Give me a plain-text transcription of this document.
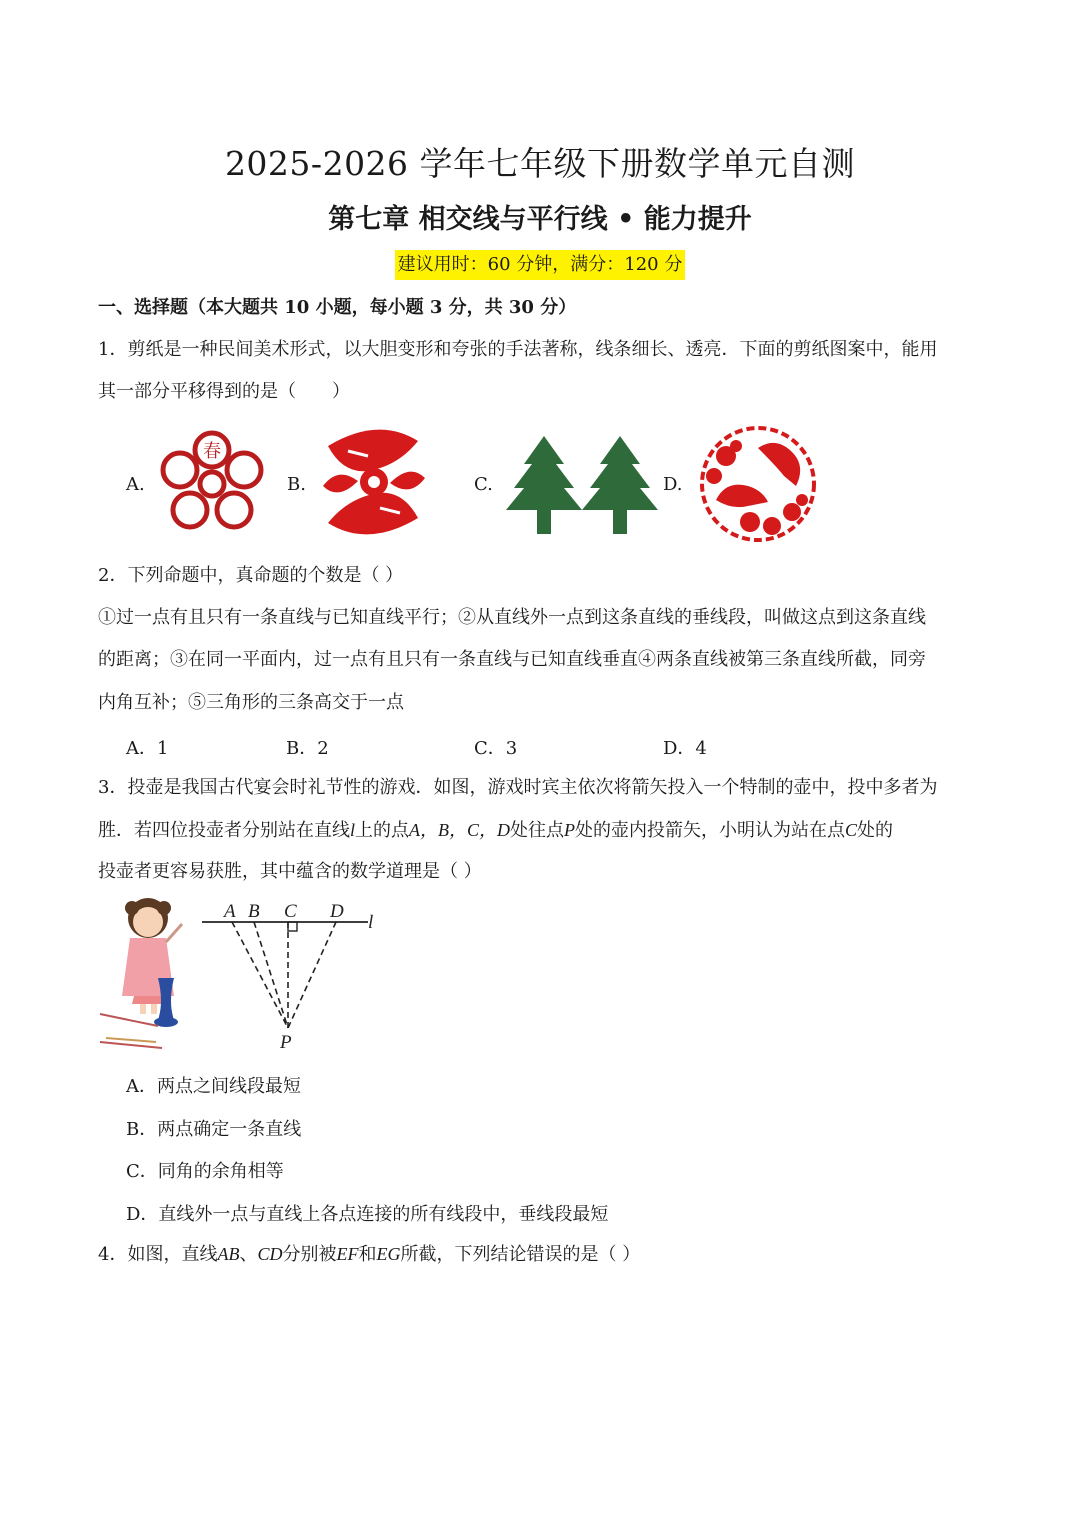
2025-2026 学年七年级下册数学单元自测
第七章 相交线与平行线 • 能力提升
建议用时：60 分钟，满分：120 分
一、选择题（本大题共 10 小题，每小题 3 分，共 30 分）
1．剪纸是一种民间美术形式，以大胆变形和夸张的手法著称，线条细长、透亮．下面的剪纸图案中，能用
其一部分平移得到的是（　　）
A.
春
B.	C.	D.
2．下列命题中，真命题的个数是（ ）
①过一点有且只有一条直线与已知直线平行；②从直线外一点到这条直线的垂线段，叫做这点到这条直线
的距离；③在同一平面内，过一点有且只有一条直线与已知直线垂直④两条直线被第三条直线所截，同旁
内角互补；⑤三角形的三条高交于一点
A．1	B．2	C．3	D．4
3．投壶是我国古代宴会时礼节性的游戏．如图，游戏时宾主依次将箭矢投入一个特制的壶中，投中多者为
胜．若四位投壶者分别站在直线l上的点A，B，C，D处往点P处的壶内投箭矢，小明认为站在点C处的
投壶者更容易获胜，其中蕴含的数学道理是（ ）
A B C D
l
P
A．两点之间线段最短
B．两点确定一条直线
C．同角的余角相等
D．直线外一点与直线上各点连接的所有线段中，垂线段最短
4．如图，直线AB、CD分别被EF和EG所截，下列结论错误的是（ ）
